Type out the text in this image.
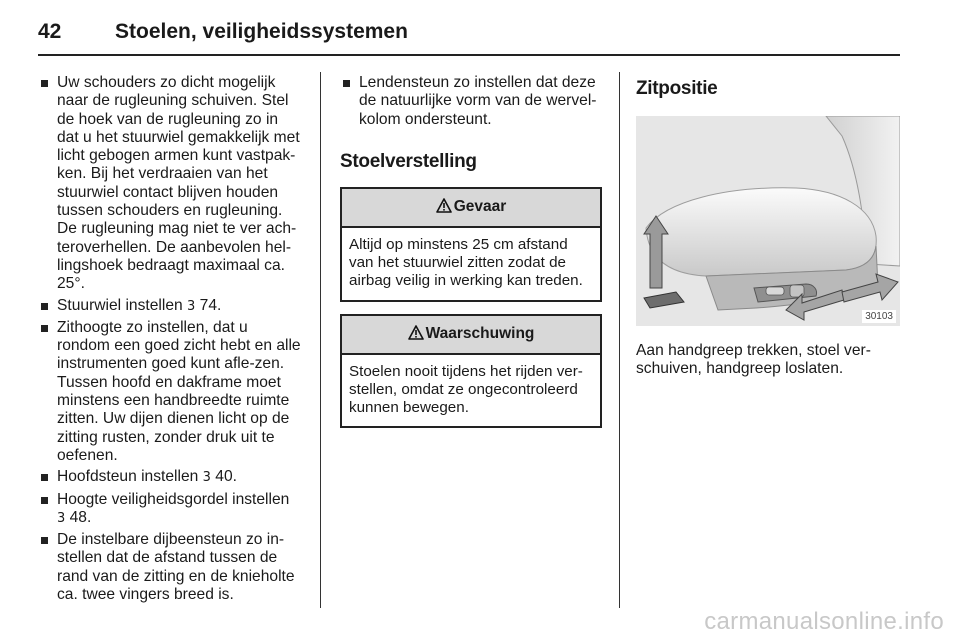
42	Stoelen, veiligheidssystemen
Uw schouders zo dicht mogelijk naar de rugleuning schuiven. Stel de hoek van de rugleuning zo in dat u het stuurwiel gemakkelijk met licht gebogen armen kunt vastpak-ken. Bij het verdraaien van het stuurwiel contact blijven houden tussen schouders en rugleuning. De rugleuning mag niet te ver ach-teroverhellen. De aanbevolen hel-lingshoek bedraagt maximaal ca. 25°.
Stuurwiel instellen 3 74.
Zithoogte zo instellen, dat u rondom een goed zicht hebt en alle instrumenten goed kunt afle-zen. Tussen hoofd en dakframe moet minstens een handbreedte ruimte zitten. Uw dijen dienen licht op de zitting rusten, zonder druk uit te oefenen.
Hoofdsteun instellen 3 40.
Hoogte veiligheidsgordel instellen
3 48.
De instelbare dijbeensteun zo in-stellen dat de afstand tussen de rand van de zitting en de knieholte ca. twee vingers breed is.
Lendensteun zo instellen dat deze de natuurlijke vorm van de wervel-kolom ondersteunt.
Stoelverstelling
Gevaar
Altijd op minstens 25 cm afstand van het stuurwiel zitten zodat de airbag veilig in werking kan treden.
Waarschuwing
Stoelen nooit tijdens het rijden ver-stellen, omdat ze ongecontroleerd kunnen bewegen.
Zitpositie
30103
Aan handgreep trekken, stoel ver-schuiven, handgreep loslaten.
carmanualsonline.info
